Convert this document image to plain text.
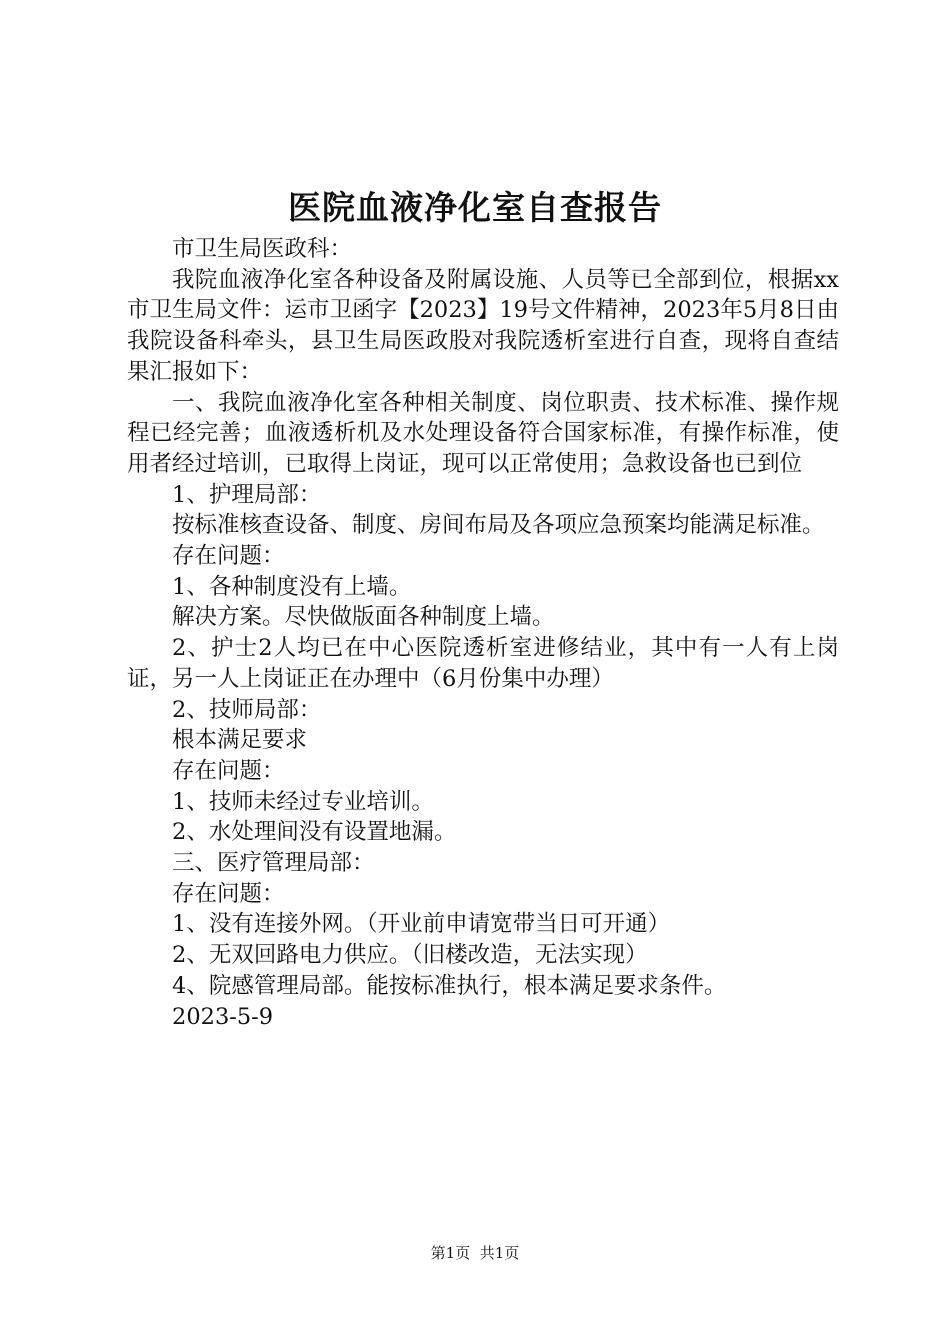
医院血液净化室自查报告

市卫生局医政科：

我院血液净化室各种设备及附属设施、人员等已全部到位，根据xx市卫生局文件：运市卫函字【2023】19号文件精神，2023年5月8日由我院设备科牵头，县卫生局医政股对我院透析室进行自查，现将自查结果汇报如下：

一、我院血液净化室各种相关制度、岗位职责、技术标准、操作规程已经完善；血液透析机及水处理设备符合国家标准，有操作标准，使用者经过培训，已取得上岗证，现可以正常使用；急救设备也已到位

1、护理局部：

按标准核查设备、制度、房间布局及各项应急预案均能满足标准。

存在问题：

1、各种制度没有上墙。

解决方案。尽快做版面各种制度上墙。

2、护士2人均已在中心医院透析室进修结业，其中有一人有上岗证，另一人上岗证正在办理中（6月份集中办理）

2、技师局部：

根本满足要求

存在问题：

1、技师未经过专业培训。

2、水处理间没有设置地漏。

三、医疗管理局部：

存在问题：

1、没有连接外网。（开业前申请宽带当日可开通）

2、无双回路电力供应。（旧楼改造，无法实现）

4、院感管理局部。能按标准执行，根本满足要求条件。

2023-5-9

第1页 共1页
